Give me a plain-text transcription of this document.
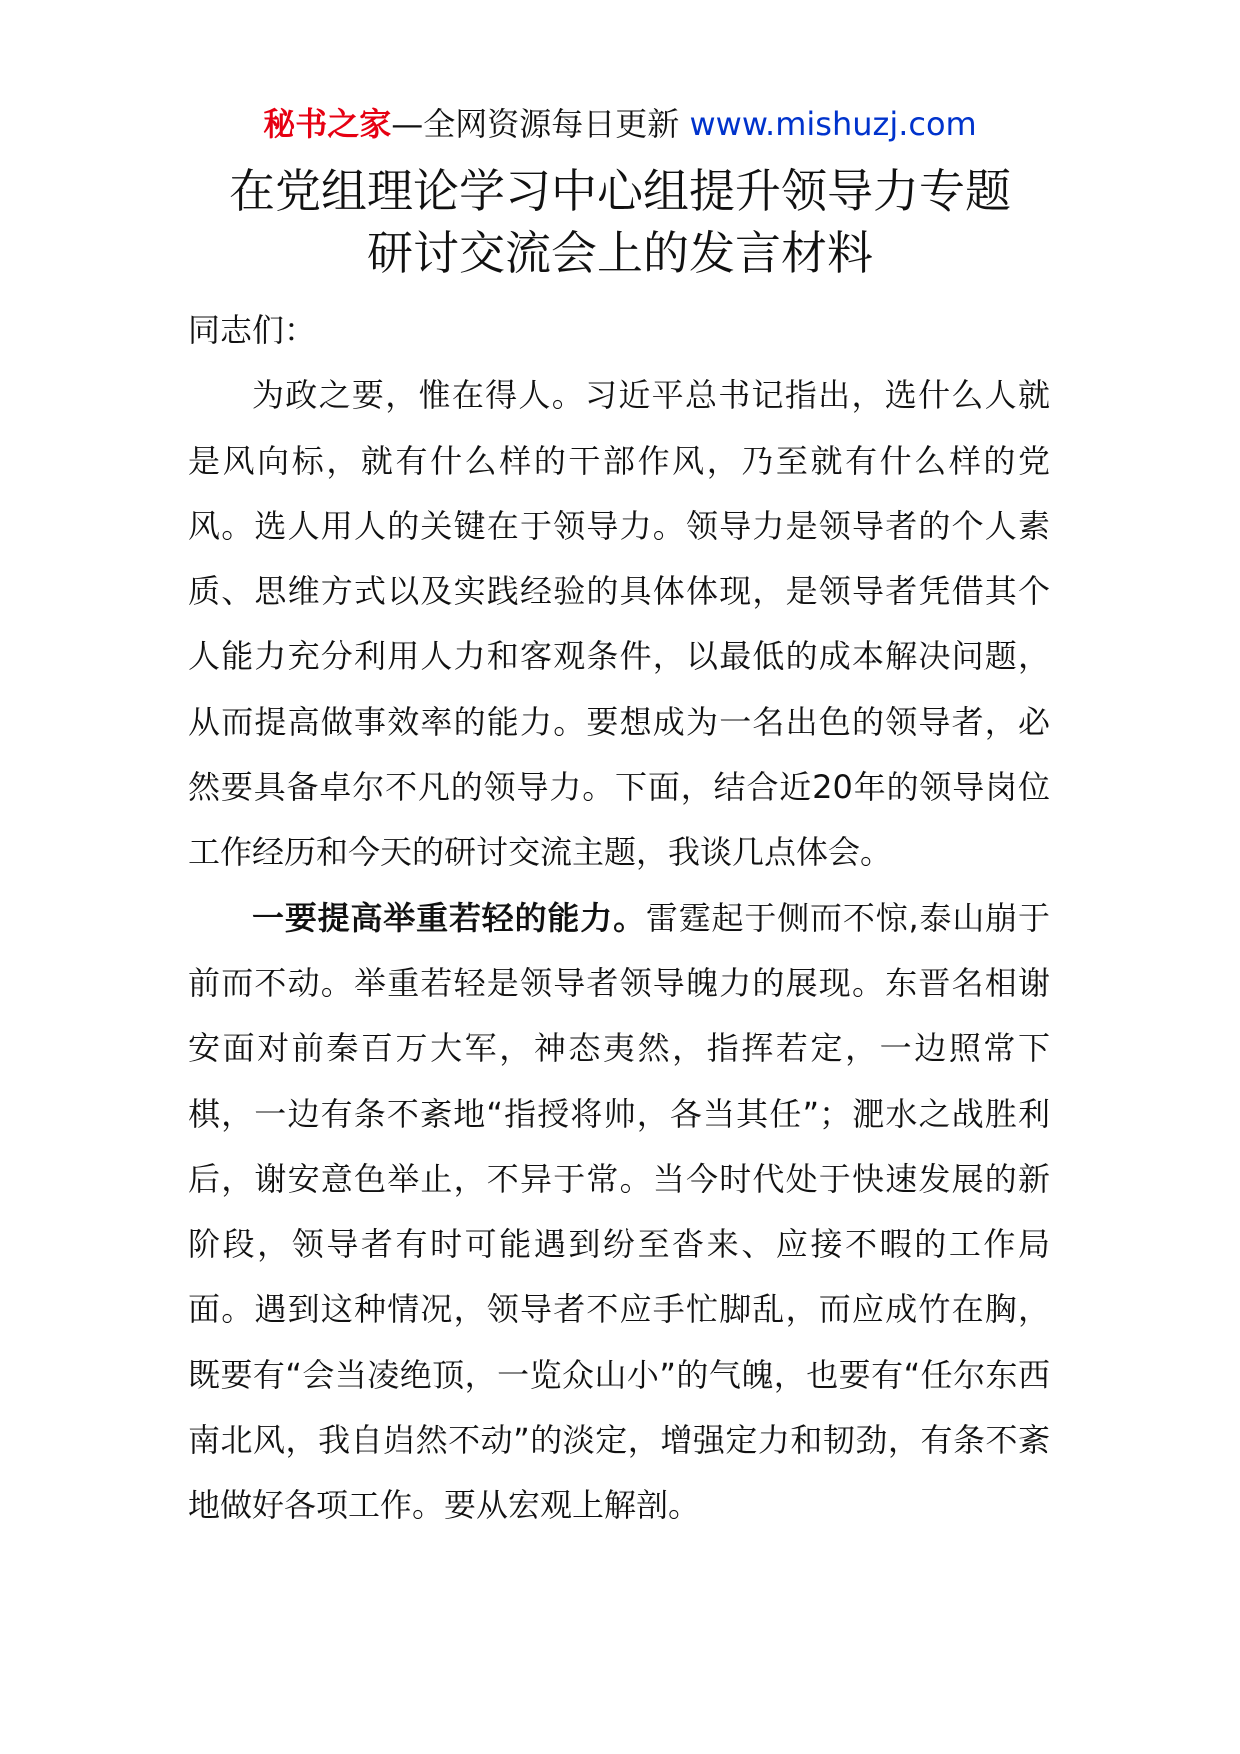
秘书之家—全网资源每日更新 www.mishuzj.com
在党组理论学习中心组提升领导力专题
研讨交流会上的发言材料

同志们：

为政之要，惟在得人。习近平总书记指出，选什么人就是风向标，就有什么样的干部作风，乃至就有什么样的党风。选人用人的关键在于领导力。领导力是领导者的个人素质、思维方式以及实践经验的具体体现，是领导者凭借其个人能力充分利用人力和客观条件，以最低的成本解决问题，从而提高做事效率的能力。要想成为一名出色的领导者，必然要具备卓尔不凡的领导力。下面，结合近20年的领导岗位工作经历和今天的研讨交流主题，我谈几点体会。

一要提高举重若轻的能力。雷霆起于侧而不惊,泰山崩于前而不动。举重若轻是领导者领导魄力的展现。东晋名相谢安面对前秦百万大军，神态夷然，指挥若定，一边照常下棋，一边有条不紊地“指授将帅，各当其任”；淝水之战胜利后，谢安意色举止，不异于常。当今时代处于快速发展的新阶段，领导者有时可能遇到纷至沓来、应接不暇的工作局面。遇到这种情况，领导者不应手忙脚乱，而应成竹在胸，既要有“会当凌绝顶，一览众山小”的气魄，也要有“任尔东西南北风，我自岿然不动”的淡定，增强定力和韧劲，有条不紊地做好各项工作。要从宏观上解剖。
